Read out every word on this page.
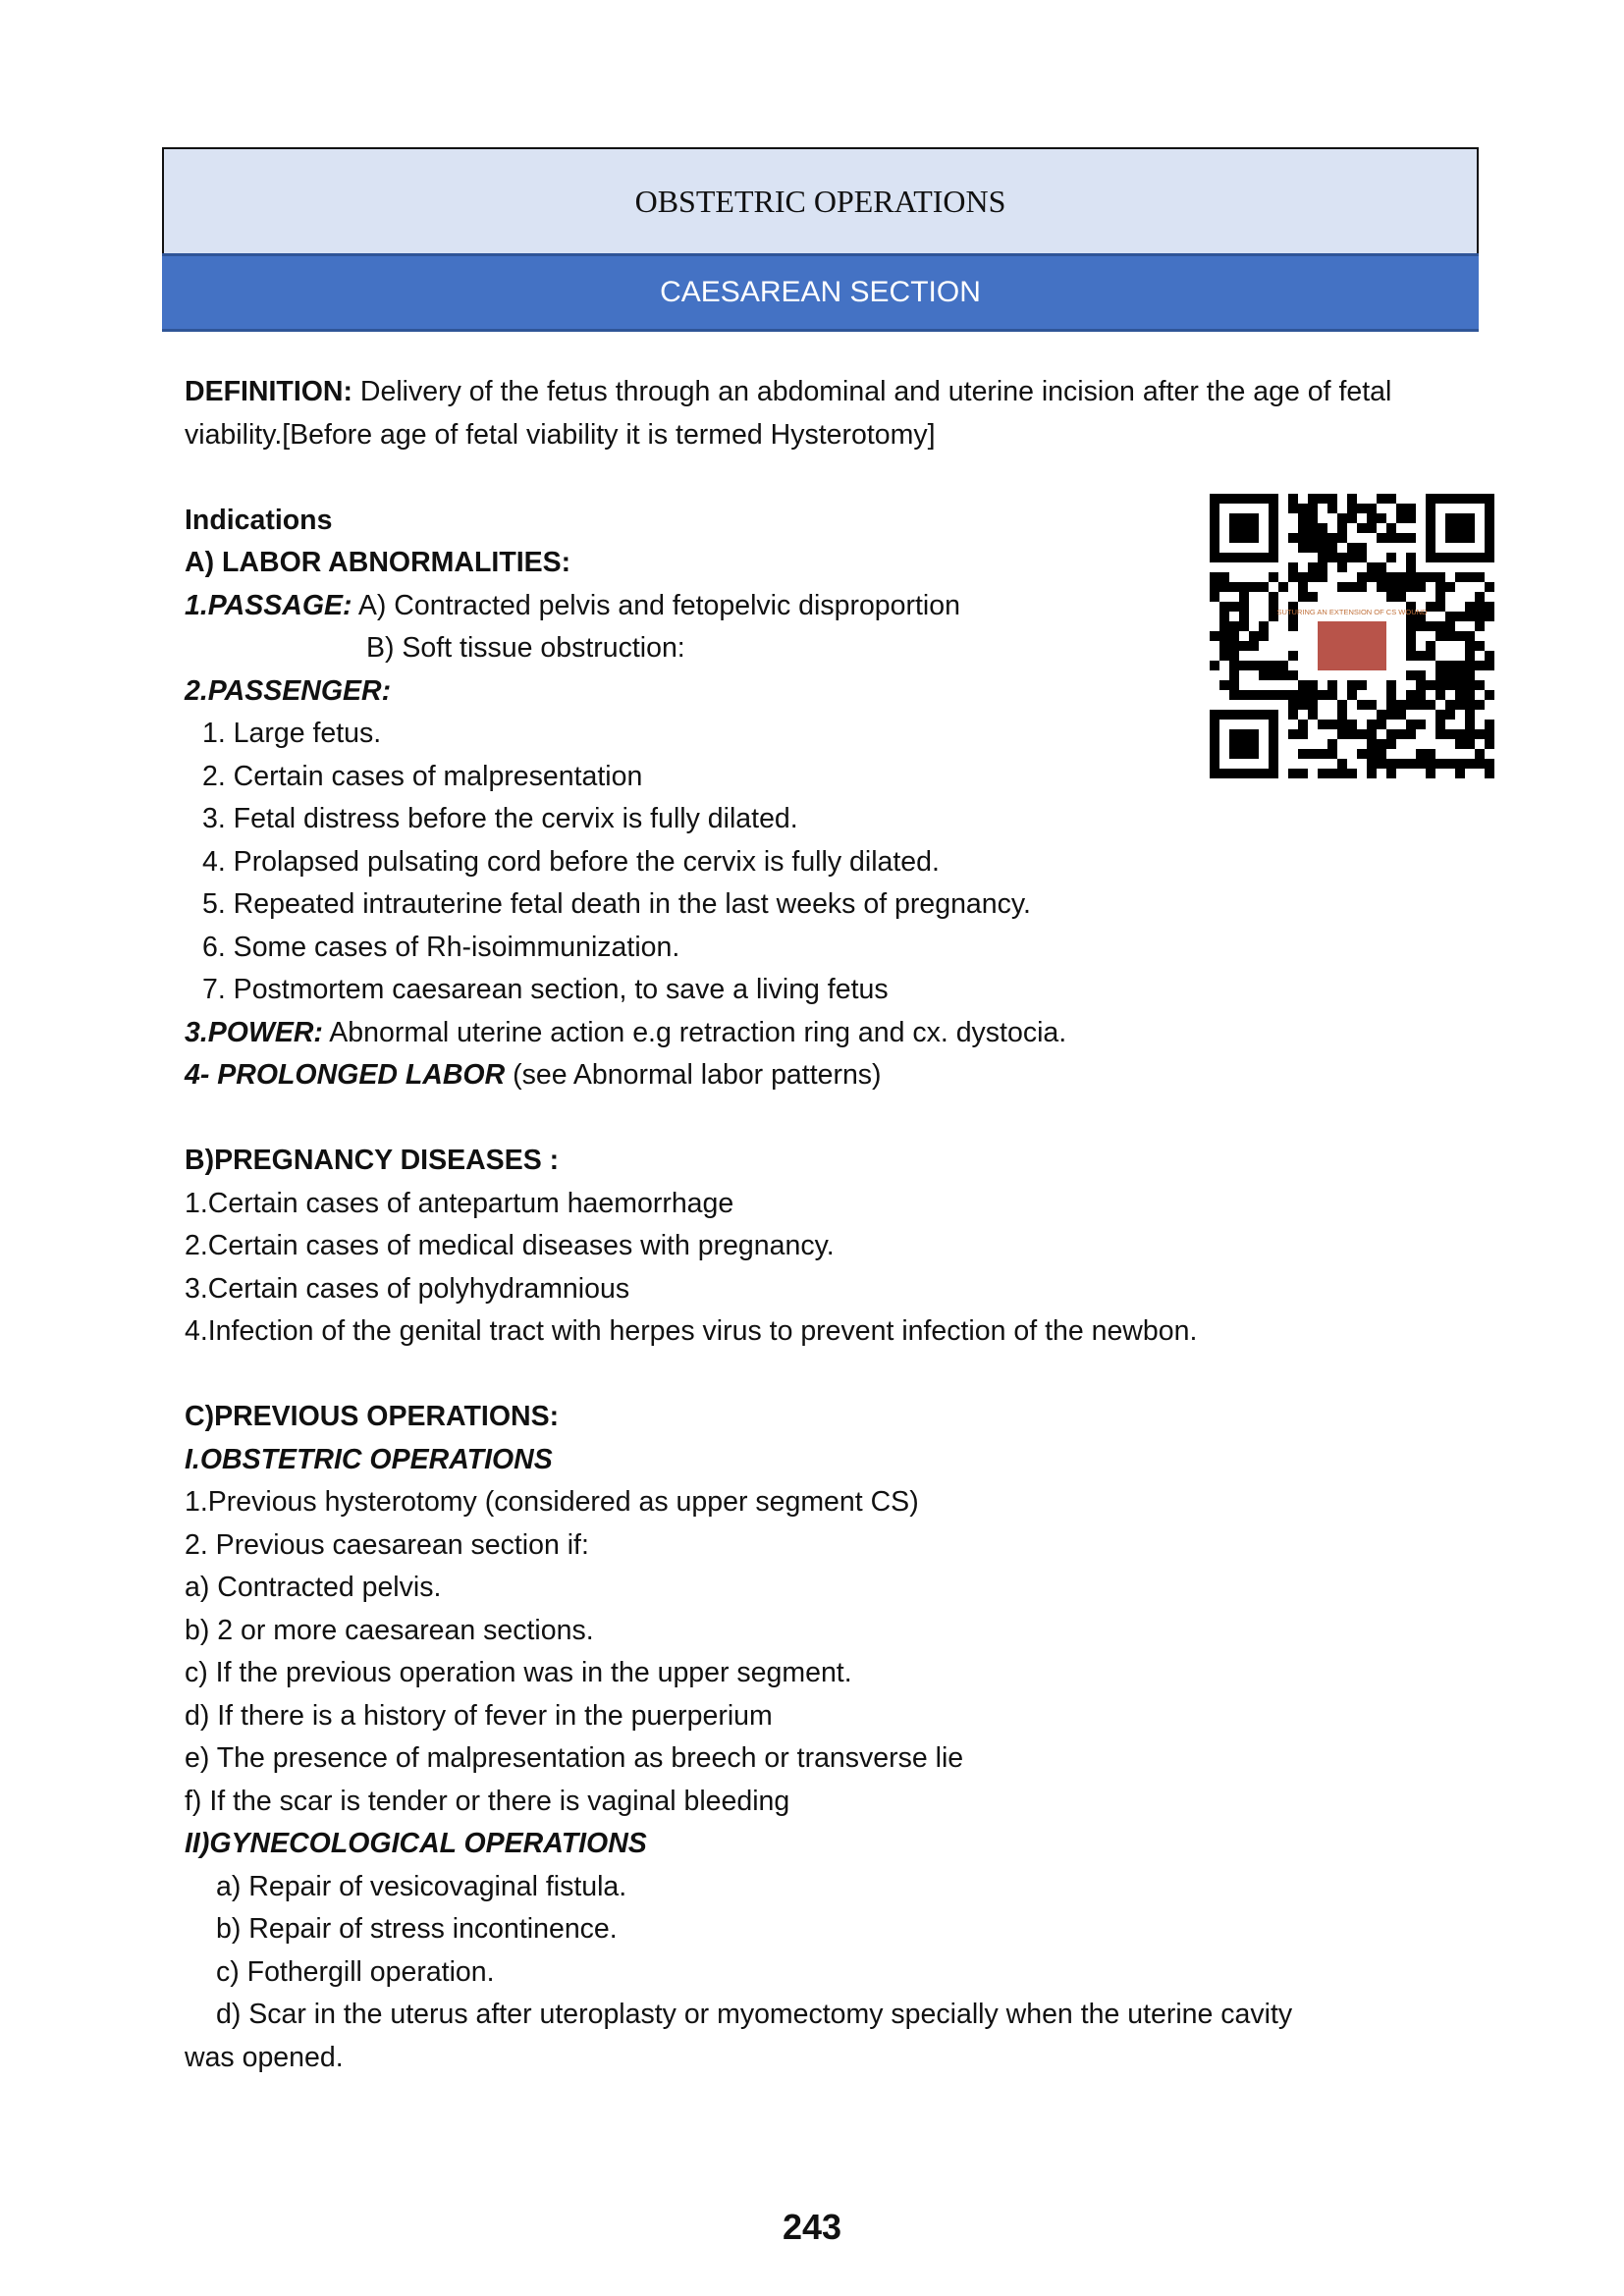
OBSTETRIC OPERATIONS
CAESAREAN SECTION
DEFINITION: Delivery of the fetus through an abdominal and uterine incision after the age of fetal viability.[Before age of fetal viability it is termed Hysterotomy]
Indications
A) LABOR ABNORMALITIES:
1.PASSAGE: A) Contracted pelvis and fetopelvic disproportion
B) Soft tissue obstruction:
2.PASSENGER:
1. Large fetus.
2. Certain cases of malpresentation
3. Fetal distress before the cervix is fully dilated.
4. Prolapsed pulsating cord before the cervix is fully dilated.
5. Repeated intrauterine fetal death in the last weeks of pregnancy.
6. Some cases of Rh-isoimmunization.
7. Postmortem caesarean section, to save a living fetus
3.POWER: Abnormal uterine action e.g retraction ring and cx. dystocia.
4- PROLONGED LABOR (see Abnormal labor patterns)
B)PREGNANCY DISEASES :
1.Certain cases of antepartum haemorrhage
2.Certain cases of medical diseases with pregnancy.
3.Certain cases of polyhydramnious
4.Infection of the genital tract with herpes virus to prevent infection of the newbon.
C)PREVIOUS OPERATIONS:
I.OBSTETRIC OPERATIONS
1.Previous hysterotomy (considered as upper segment CS)
2. Previous caesarean section if:
a) Contracted pelvis.
b) 2 or more caesarean sections.
c) If the previous operation was in the upper segment.
d) If there is a history of fever in the puerperium
e) The presence of malpresentation as breech or transverse lie
f) If the scar is tender or there is vaginal bleeding
II)GYNECOLOGICAL OPERATIONS
a) Repair of vesicovaginal fistula.
b) Repair of stress incontinence.
c) Fothergill operation.
d) Scar in the uterus after uteroplasty or myomectomy specially when the uterine cavity
was opened.
243
